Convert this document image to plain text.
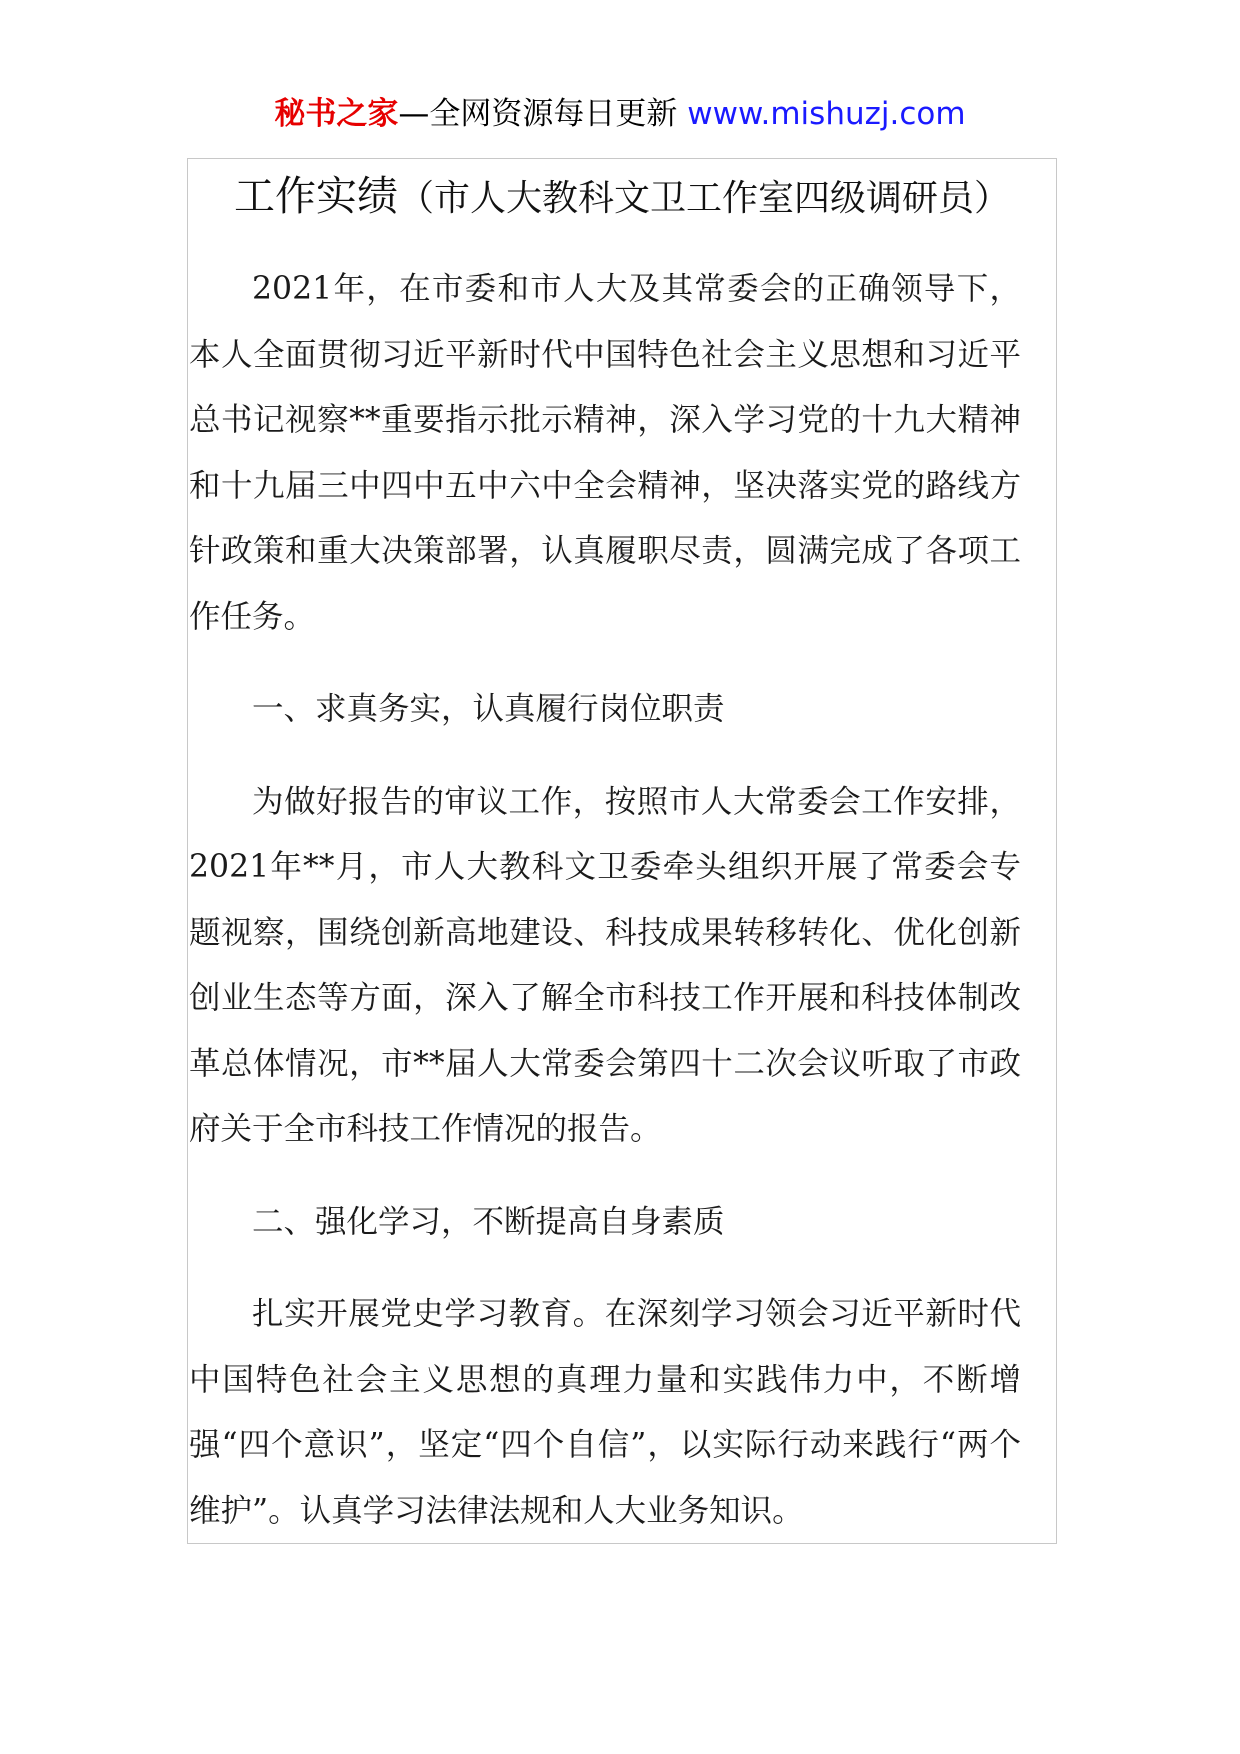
秘书之家—全网资源每日更新 www.mishuzj.com
工作实绩（市人大教科文卫工作室四级调研员）

2021年，在市委和市人大及其常委会的正确领导下，本人全面贯彻习近平新时代中国特色社会主义思想和习近平总书记视察**重要指示批示精神，深入学习党的十九大精神和十九届三中四中五中六中全会精神，坚决落实党的路线方针政策和重大决策部署，认真履职尽责，圆满完成了各项工作任务。

一、求真务实，认真履行岗位职责

为做好报告的审议工作，按照市人大常委会工作安排，2021年**月，市人大教科文卫委牵头组织开展了常委会专题视察，围绕创新高地建设、科技成果转移转化、优化创新创业生态等方面，深入了解全市科技工作开展和科技体制改革总体情况，市**届人大常委会第四十二次会议听取了市政府关于全市科技工作情况的报告。

二、强化学习，不断提高自身素质

扎实开展党史学习教育。在深刻学习领会习近平新时代中国特色社会主义思想的真理力量和实践伟力中，不断增强“四个意识”，坚定“四个自信”，以实际行动来践行“两个维护”。认真学习法律法规和人大业务知识。
